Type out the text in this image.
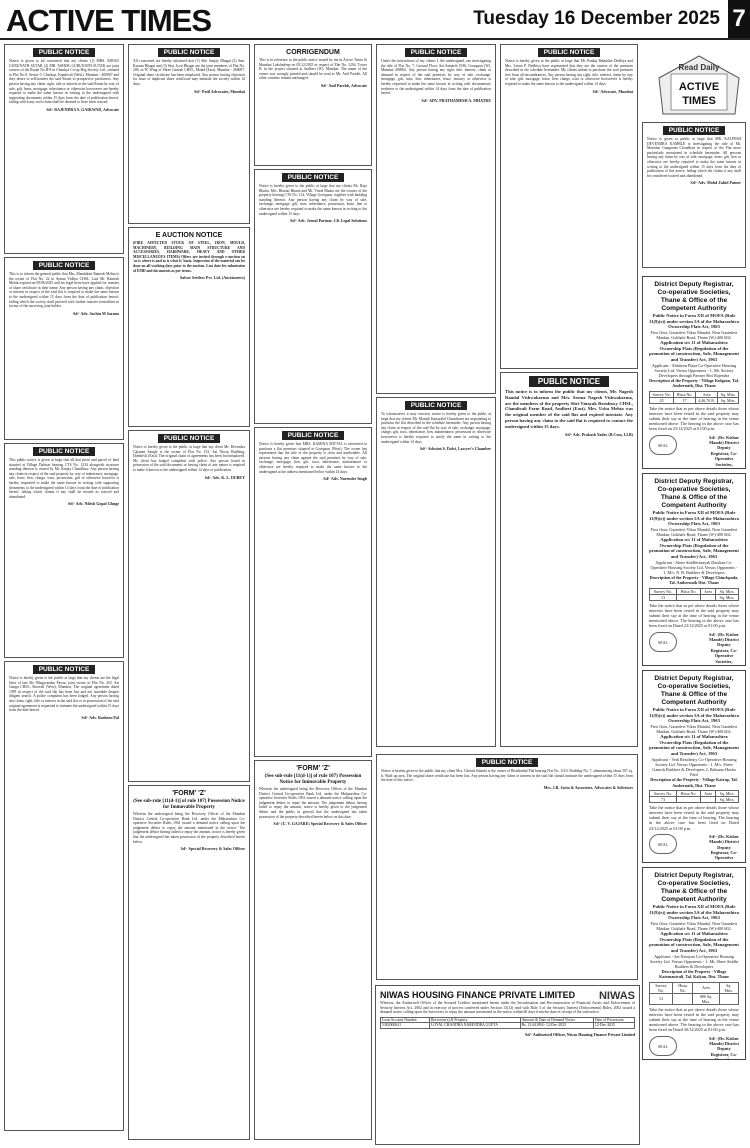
ACTIVE TIMES	Tuesday 16 December 2025 7
Read Daily
ACTIVE
TIMES
PUBLIC NOTICE
Notice is given to all concerned that my clients (1) MRS. KIRAN GURUNATH SUTAR (2) MR. ASHOK GURUNATH SUTAR are joint owners of the Room No.B-8 in Chankya Co-op Hsg Society Ltd., situated at Plot No.9, Sector-5, Charkop, Kandivali (West), Mumbai - 400067 and they desire to sell/transfer the said Room to prospective purchasers. Any person having any claim, right, title or interest in the said Room by way of sale, gift, lease, mortgage, inheritance or otherwise howsoever are hereby required to make the same known in writing to the undersigned with supporting documents within 15 days from the date of publication hereof, failing which any such claim shall be deemed to have been waived.
Sd/- RAJENDRA S. GAIKWAD, Advocate
PUBLIC NOTICE
This is to inform the general public that Mrs. Mandakini Ramesh Mehta is the owner of Flat No. 22 in Ajanta Vidhya CHSL. Late Mr. Ramesh Mehta expired on 09/06/2025 and his legal heirs have applied for transfer of share certificate in their name. Any person having any claim, objection or interest in respect of the said flat is required to make the same known to the undersigned within 15 days from the date of publication hereof, failing which the society shall proceed with further transfer formalities in favour of the surviving joint holder.
Sd/- Adv. Sachin M Sarana
PUBLIC NOTICE
This public notice is given at large that all that piece and parcel of land situated at Village Dahisar bearing CTS No. 1234 alongwith structure standing thereon is owned by Mr. Sanjay Chaudhary. Any person having any claim in respect of the said property by way of inheritance, mortgage, sale, lease, lien, charge, trust, possession, gift or otherwise however is hereby requested to make the same known in writing with supporting documents to the undersigned within 14 days from the date of publication hereof, failing which claims if any shall be treated as waived and abandoned.
Sd/- Adv. Nilesh Gopal Ghuge
PUBLIC NOTICE
Notice is hereby given to the public at large that my clients are the legal heirs of late Mr. Bhagwandas Pawar, joint owner of Flat No. 203, Sai Ganga CHSL, Borivali (West), Mumbai. The original agreement dated 1995 in respect of the said flat has been lost and not traceable despite diligent search. A police complaint has been lodged. Any person having any claim, right, title or interest in the said flat or in possession of the said original agreement is requested to intimate the undersigned within 15 days from the date hereof.
Sd/- Adv. Rasheen Pal
PUBLIC NOTICE
All concerned are hereby informed that (1) Shri Sanjay Bhagat (2) Smt. Kusum Bhagat and (3) Smt. Jyoti Bhagat are the joint members of Flat No. 206, in 'B' Wing of Shree Ganesh CHSL, Malad (East), Mumbai - 400097. Original share certificate has been misplaced. Any person having objection for issue of duplicate share certificate may intimate the society within 14 days.
Sd/- Patil Advocates, Mumbai
E AUCTION NOTICE
(FIRE AFFECTED STOCK OF STEEL, IRON, MOULD, MACHINERY, BUILDING MAIN STRUCTURE AND ACCESSORIES, HARDWARE, HEAVY AND OTHER MISCELLANEOUS ITEMS) Offers are invited through e-auction on 'as is where is and as is what is' basis. Inspection of the material can be done on all working days prior to the auction. Last date for submission of EMD and documents as per terms.
Salvor Settlers Pvt. Ltd. (Auctioneers)
PUBLIC NOTICE
Notice is hereby given to the public at large that my client Mr. Devendra Gajanan Sangle is the owner of Flat No. 101, Sai Niwas Building, Dombivli (East). The original chain of agreements has been lost/misplaced. My client has lodged complaint with police. Any person found in possession of the said documents or having claim of any nature is required to make it known to the undersigned within 14 days of publication.
Sd/- Adv. K. L. DUBEY
'FORM' 'Z'
(See sub-rule [11(d-1)] of rule 107) Possession Notice for Immovable Property
Whereas the undersigned being the Recovery Officer of the Mumbai District Central Co-operative Bank Ltd. under the Maharashtra Co-operative Societies Rules 1961 issued a demand notice calling upon the judgement debtor to repay the amount mentioned in the notice. The judgement debtor having failed to repay the amount, notice is hereby given that the undersigned has taken possession of the property described herein below.
Sd/- Special Recovery & Sales Officer
CORRIGENDUM
This is in reference to the public notice issued by me in Active Times & Mumbai Lakshadeep on 05/12/2025 in respect of Flat No. 1204, Tower B, in the project situated at Andheri (W), Mumbai. The name of the owner was wrongly printed and should be read as Mr. Anil Parekh. All other contents remain unchanged.
Sd/- Anil Parekh, Advocate
PUBLIC NOTICE
Notice is hereby given to the public at large that my clients Mr. Raju Bhatia, Mrs. Bharati Bhatia and Mr. Vinod Bhatia are the owners of the property bearing CTS No. 114, Village Goregaon, together with building standing thereon. Any person having any claim by way of sale, exchange, mortgage, gift, trust, inheritance, possession, lease, lien or otherwise are hereby required to make the same known in writing to the undersigned within 15 days.
Sd/- Adv. Jeenal Parmar, J.K Legal Solutions
PUBLIC NOTICE
Notice is hereby given that MRS. KAMINA MITTAL is interested to purchase a flat premises situated at Goregaon (West). The owner has represented that the title of the property is clear and marketable. All persons having any claim against the said premises by way of sale, exchange, mortgage, lien, gift, trust, inheritance, maintenance or otherwise are hereby required to make the same known to the undersigned at the address mentioned below within 14 days.
Sd/- Adv. Narender Singh
'FORM' 'Z'
(See sub-rule [11(d-1)] of rule 107) Possession Notice for Immovable Property
Whereas the undersigned being the Recovery Officer of the Mumbai District Central Co-operative Bank Ltd. under the Maharashtra Co-operative Societies Rules 1961 issued a demand notice calling upon the judgement debtor to repay the amount. The judgement debtor having failed to repay the amount, notice is hereby given to the judgement debtor and the public in general that the undersigned has taken possession of the property described herein below on this date.
Sd/- (U. V. GAJARE) Special Recovery & Sales Officer
PUBLIC NOTICE
Under the instructions of my clients I, the undersigned, am investigating the title of Flat No. 7, Ground Floor, Sai Samarth CHS, Goregaon (W), Mumbai 400062. Any person having any right, title, interest, claim or demand in respect of the said premises by way of sale, exchange, mortgage, gift, trust, lien, inheritance, lease, tenancy or otherwise is hereby requested to make the same known in writing with documentary evidence to the undersigned within 14 days from the date of publication hereof.
Sd/- ADV. PRATHAMESH A. MHATRE
PUBLIC NOTICE
To whomsoever it may concern, notice is hereby given to the public at large that my clients Mr. Manish Kanayalal Chandwani are negotiating to purchase the flat described in the schedule hereunder. Any person having any claim in respect of the said flat by way of sale, exchange, mortgage, charge, gift, trust, inheritance, lien, maintenance, possession or otherwise howsoever is hereby required to notify the same in writing to the undersigned within 14 days.
Sd/- Ashwini S. Dalvi, Lawyer's Chamber
PUBLIC NOTICE
Notice is hereby given to the public that my client Mrs. Chetali Solanki is the owner of Residential Flat bearing Flat No. 1110, Building No. 7, admeasuring about 587 sq. ft. Built up area. The original share certificate has been lost. Any person having any claim or interest in the said flat should intimate the undersigned within 15 days from the date of this notice.
Mrs. J.R. Jarin & Associates, Advocates & Solicitors
PUBLIC NOTICE
Notice is hereby given to the public at large that Mr. Pankaj Babubhai Dedhiya and Mrs. Leena P. Dedhiya have represented that they are the owners of the premises described in the schedule hereunder. My clients intend to purchase the said premises free from all encumbrances. Any person having any right, title, interest, claim by way of sale, gift, mortgage, lease, lien, charge, trust or otherwise howsoever is hereby required to make the same known to the undersigned within 14 days.
Sd/- Advocate, Mumbai
PUBLIC NOTICE
This notice is to inform the public that my clients, Mr. Nagesh Ramlal Vishwakarma and Mrs. Seema Nagesh Vishwakarma, are the members of the property Shri Vinayak Residency CHSL, Chandivali Farm Road, Andheri (East). Mrs. Usha Mehta was the original member of the said flat and expired intestate. Any person having any claim to the said flat is required to contact the undersigned within 15 days.
Sd/- Adv. Prakash Yadav (B.Com, LLB)
NIWAS
NIWAS HOUSING FINANCE PRIVATE LIMITED
Whereas, the Authorised Officer of the Secured Creditor mentioned herein under the Securitisation and Reconstruction of Financial Assets and Enforcement of Security Interest Act, 2002 and in exercise of powers conferred under Section 13(12) read with Rule 3 of the Security Interest (Enforcement) Rules, 2002 issued a demand notice calling upon the borrowers to repay the amount mentioned in the notice within 60 days from the date of receipt of the said notice.
Loan Account Number	Borrower(s) & Property	Amount & Date of Demand Notice	Date of Possession
5382000041	LOYAL CHANDRA NARENDRA GUPTA	Rs. 21,64,884/- 12-Dec-2025	12-Dec-2025
Sd/- Authorised Officer, Niwas Housing Finance Private Limited
PUBLIC NOTICE
Notice is given to public at large that MR. KALPESH DEVENDRA KAMBLE is investigating the title of Mr. Manohar Gangaram Choudhari in respect of the Flat more particularly mentioned in schedule hereunder. All persons having any claim by way of sale, mortgage, lease, gift, lien or otherwise are hereby required to make the same known in writing to the undersigned within 15 days from the date of publication of this notice, failing which the claims if any shall be considered waived and abandoned.
Sd/- Adv. Mohd Zahid Patner
District Deputy Registrar, Co-operative Societies, Thane & Office of the Competent Authority
Public Notice in Form XII of MOFA (Rule 11(9)(e)) under section 5A of the Maharashtra Ownership Flats Act, 1963
First floor, Gaondevi Vikas Mandal, Near Gaondevi Maidan, Gokhale Road, Thane (W)-400 602.
Application u/s 11 of Maharashtra Ownership Flats (Regulation of the promotion of construction, Sale, Management and Transfer) Act, 1963
Applicant - Abhiteen Plaza Co-Operative Housing Society Ltd. Versus Opponents - 1. Mr. Society Developers through Partner Shri Rajendra
Description of the Property - Village Kulgaon, Tal. Ambernath, Dist. Thane
Survey No.	Hissa No.	Area	Sq. Mtrs.
25	17	4,46,76 R.	Sq. Mtrs.
Take the notice that as per above details those whose interests have been vested in the said property may submit their say at the time of hearing in the venue mentioned above. The hearing in the above case has been fixed on 23/12/2025 at 01:00 p.m.
SEAL
Sd/- (Dr. Kishor Mande) District Deputy Registrar, Co-Operative Societies,
District Deputy Registrar, Co-operative Societies, Thane & Office of the Competent Authority
Public Notice in Form XII of MOFA (Rule 11(9)(e)) under section 5A of the Maharashtra Ownership Flats Act, 1963
First floor, Gaondevi Vikas Mandal, Near Gaondevi Maidan, Gokhale Road, Thane (W)-400 602.
Application u/s 11 of Maharashtra Ownership Flats (Regulation of the promotion of construction, Sale, Management and Transfer) Act, 1963
Applicant - Shree Siddhivinayak Darshan Co-Operative Housing Society Ltd. Versus Opponents - 1. M/s. N. R. Builders & Developers
Description of the Property - Village Chinchpada, Tal. Ambernath Dist. Thane
Survey No.	Hissa No.	Area	Sq. Mtrs.
13			Sq. Mtrs.
Take the notice that as per above details those whose interests have been vested in the said property may submit their say at the time of hearing in the venue mentioned above. The hearing in the above case has been fixed on Dated 23/12/2025 at 01:00 p.m.
SEAL
Sd/- (Dr. Kishor Mande) District Deputy Registrar, Co-Operative Societies,
District Deputy Registrar, Co-operative Societies, Thane & Office of the Competent Authority
Public Notice in Form XII of MOFA (Rule 11(9)(e)) under section 5A of the Maharashtra Ownership Flats Act, 1963
First floor, Gaondevi Vikas Mandal, Near Gaondevi Maidan, Gokhale Road, Thane (W)-400 602.
Application u/s 11 of Maharashtra Ownership Flats (Regulation of the promotion of construction, Sale, Management and Transfer) Act, 1963
Applicant - Vedi Residency Co-Operative Housing Society Ltd. Versus Opponents - 1. M/s. Shree Ganesh Builders & Developers 2. Baburao Hasha Patil
Description of the Property - Village Katrap, Tal. Ambernath, Dist. Thane
Survey No.	Hissa No.	Area	Sq. Mtrs.
73			Sq. Mtrs.
Take the notice that as per above details those whose interests have been vested in the said property may submit their say at the time of hearing. The hearing in the above case has been fixed on Dated 23/12/2025 at 01:00 p.m.
SEAL
Sd/- (Dr. Kishor Mande) District Deputy Registrar, Co-Operative
District Deputy Registrar, Co-operative Societies, Thane & Office of the Competent Authority
Public Notice in Form XII of MOFA (Rule 11(9)(e)) under section 5A of the Maharashtra Ownership Flats Act, 1963
First floor, Gaondevi Vikas Mandal, Near Gaondevi Maidan, Gokhale Road, Thane (W)-400 602.
Application u/s 11 of Maharashtra Ownership Flats (Regulation of the promotion of construction, Sale, Management and Transfer) Act, 1963
Applicant - Sai Narayan Co-Operative Housing Society Ltd. Versus Opponents - 1. Mr. Shree Siddhi Builders & Developers
Description of the Property - Village Katemanivali, Tal. Kalyan, Dist. Thane
Survey No.	Hissa No.	Area	Sq. Mtrs.
13		880 Sq. Mtrs.	
Take the notice that as per above details those whose interests have been vested in the said property may submit their say at the time of hearing in the venue mentioned above. The hearing in the above case has been fixed on Dated 30/12/2025 at 01:00 p.m.
SEAL
Sd/- (Dr. Kishor Mande) District Deputy Registrar, Co-Operative
